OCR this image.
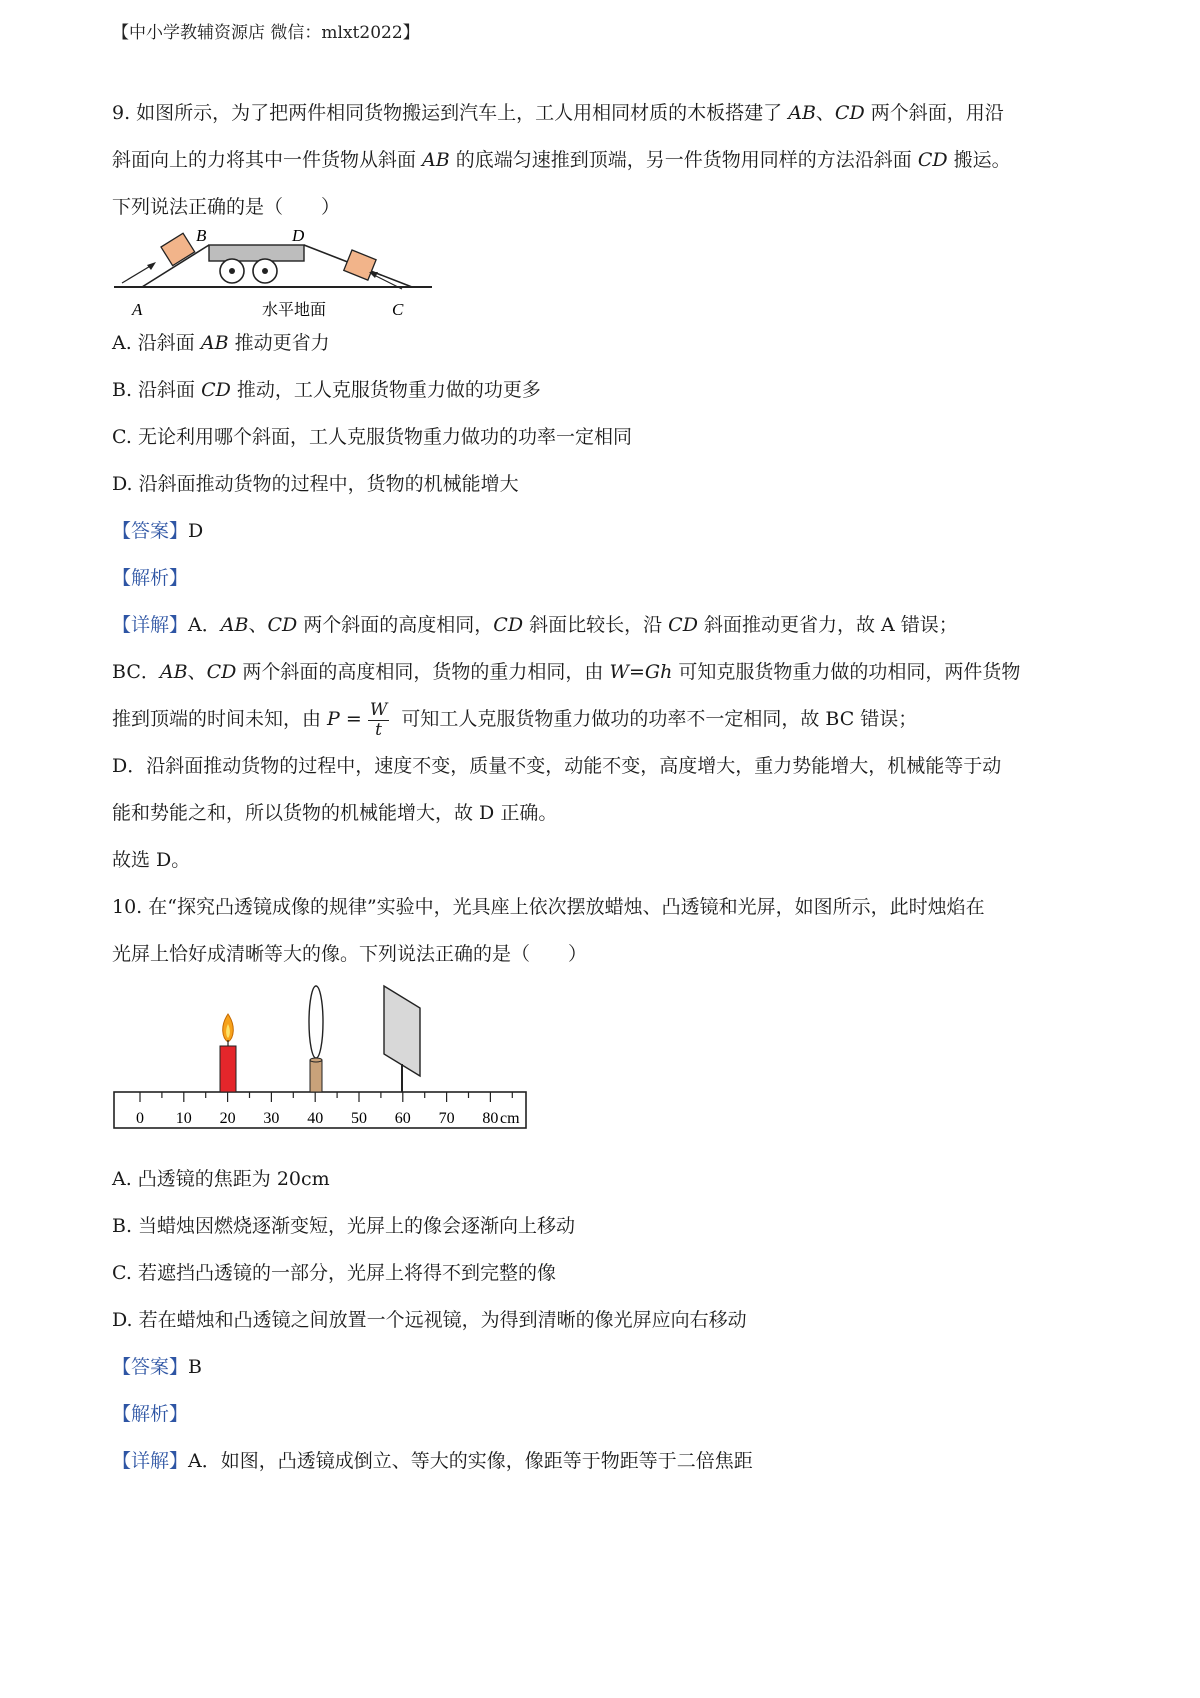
【中小学教辅资源店 微信：mlxt2022】

9. 如图所示，为了把两件相同货物搬运到汽车上，工人用相同材质的木板搭建了 AB、CD 两个斜面，用沿

斜面向上的力将其中一件货物从斜面 AB 的底端匀速推到顶端，另一件货物用同样的方法沿斜面 CD 搬运。

下列说法正确的是（　　）

A
B	D
水平地面	C

A. 沿斜面 AB 推动更省力

B. 沿斜面 CD 推动，工人克服货物重力做的功更多

C. 无论利用哪个斜面，工人克服货物重力做功的功率一定相同

D. 沿斜面推动货物的过程中，货物的机械能增大

【答案】D

【解析】

【详解】A．AB、CD 两个斜面的高度相同，CD 斜面比较长，沿 CD 斜面推动更省力，故 A 错误；

BC．AB、CD 两个斜面的高度相同，货物的重力相同，由 W=Gh 可知克服货物重力做的功相同，两件货物

推到顶端的时间未知，由 $P = \frac{W}{t}$ 可知工人克服货物重力做功的功率不一定相同，故 BC 错误；

D．沿斜面推动货物的过程中，速度不变，质量不变，动能不变，高度增大，重力势能增大，机械能等于动

能和势能之和，所以货物的机械能增大，故 D 正确。

故选 D。

10. 在“探究凸透镜成像的规律”实验中，光具座上依次摆放蜡烛、凸透镜和光屏，如图所示，此时烛焰在

光屏上恰好成清晰等大的像。下列说法正确的是（　　）

0 10 20 30 40 50 60 70 80 cm

A. 凸透镜的焦距为 20cm

B. 当蜡烛因燃烧逐渐变短，光屏上的像会逐渐向上移动

C. 若遮挡凸透镜的一部分，光屏上将得不到完整的像

D. 若在蜡烛和凸透镜之间放置一个远视镜，为得到清晰的像光屏应向右移动

【答案】B

【解析】

【详解】A．如图，凸透镜成倒立、等大的实像，像距等于物距等于二倍焦距
